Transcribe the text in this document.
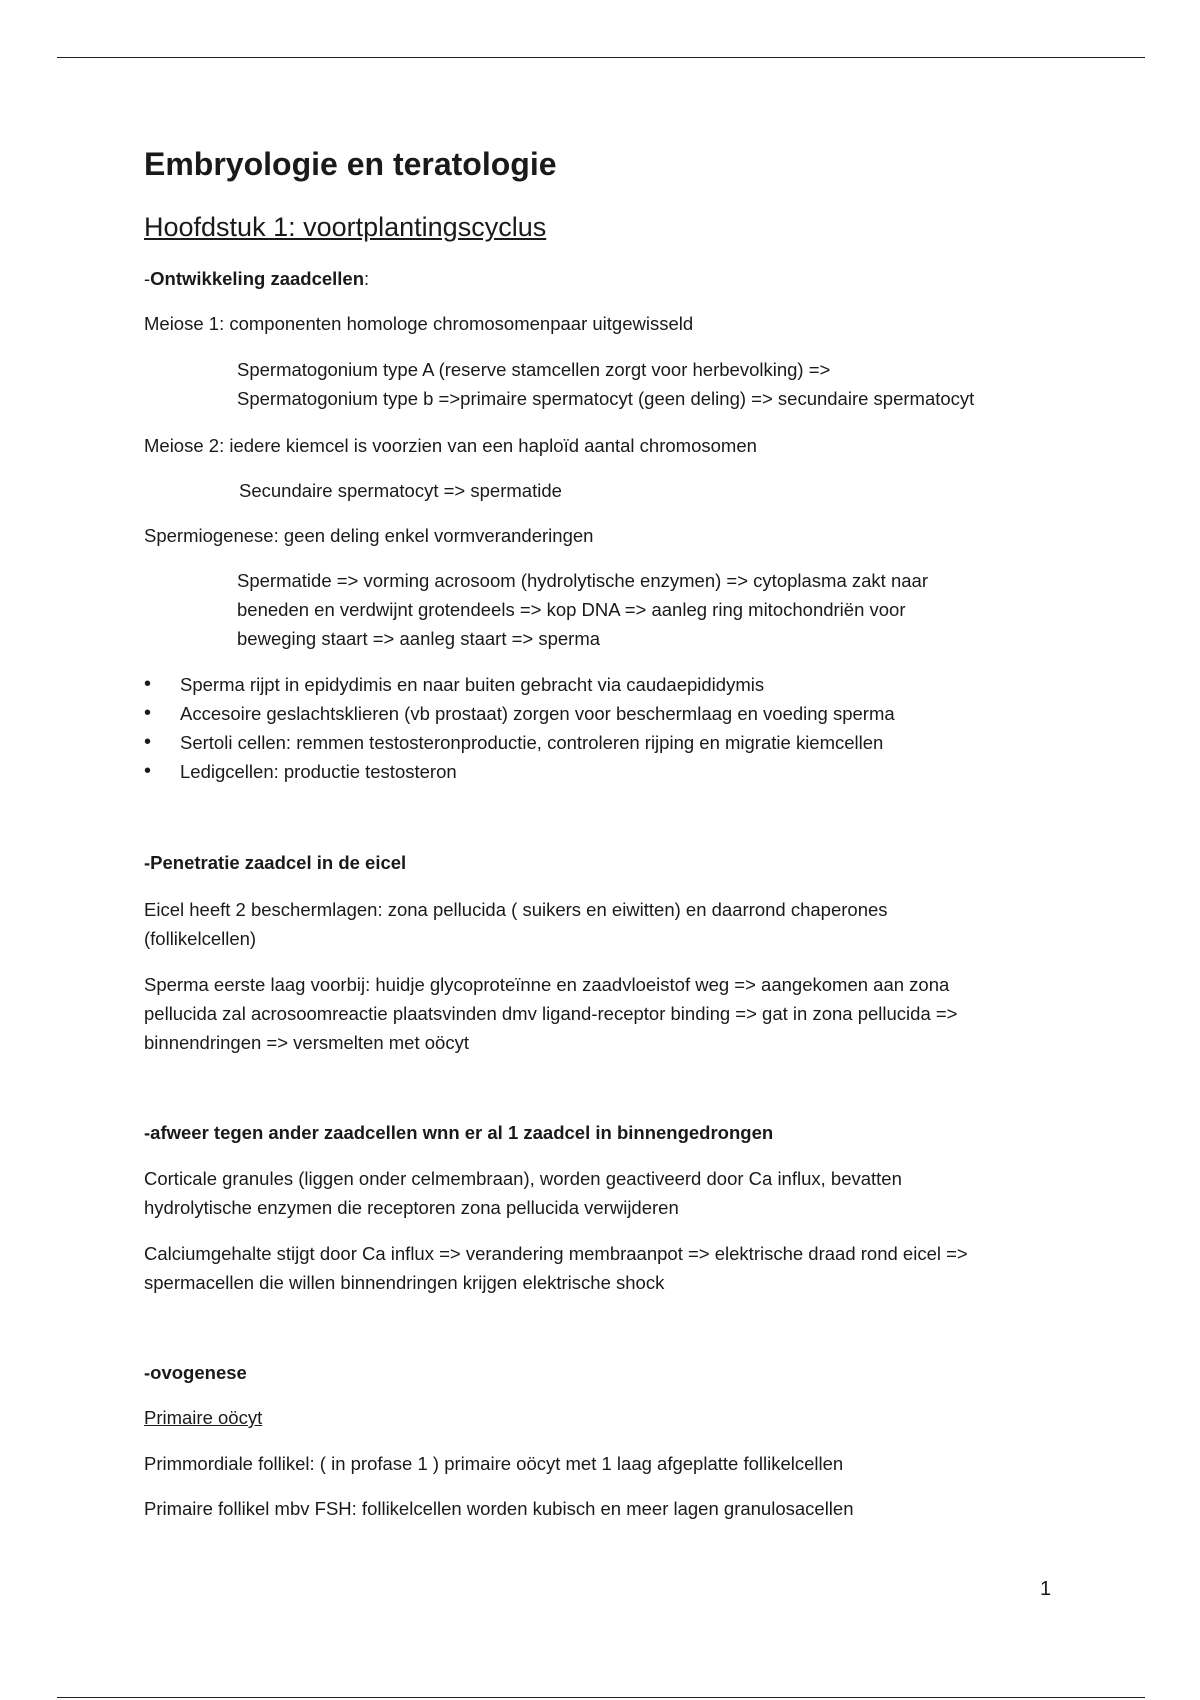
Embryologie en teratologie
Hoofdstuk 1: voortplantingscyclus
-Ontwikkeling zaadcellen:
Meiose 1: componenten homologe chromosomenpaar uitgewisseld

Spermatogonium type A (reserve stamcellen zorgt voor herbevolking) =>

Spermatogonium type b =>primaire spermatocyt (geen deling) => secundaire spermatocyt

Meiose 2: iedere kiemcel is voorzien van een haploïd aantal chromosomen
Secundaire spermatocyt => spermatide
Spermiogenese: geen deling enkel vormveranderingen

Spermatide => vorming acrosoom (hydrolytische enzymen) => cytoplasma zakt naar

beneden en verdwijnt grotendeels => kop DNA => aanleg ring mitochondriën voor

beweging staart => aanleg staart => sperma

• Sperma rijpt in epidydimis en naar buiten gebracht via caudaepididymis
• Accesoire geslachtsklieren (vb prostaat) zorgen voor beschermlaag en voeding sperma
• Sertoli cellen: remmen testosteronproductie, controleren rijping en migratie kiemcellen
• Ledigcellen: productie testosteron
-Penetratie zaadcel in de eicel

Eicel heeft 2 beschermlagen: zona pellucida ( suikers en eiwitten) en daarrond chaperones

(follikelcellen)

Sperma eerste laag voorbij: huidje glycoproteïnne en zaadvloeistof weg => aangekomen aan zona

pellucida zal acrosoomreactie plaatsvinden dmv ligand-receptor binding => gat in zona pellucida =>

binnendringen => versmelten met oöcyt

-afweer tegen ander zaadcellen wnn er al 1 zaadcel in binnengedrongen

Corticale granules (liggen onder celmembraan), worden geactiveerd door Ca influx, bevatten

hydrolytische enzymen die receptoren zona pellucida verwijderen

Calciumgehalte stijgt door Ca influx => verandering membraanpot => elektrische draad rond eicel =>

spermacellen die willen binnendringen krijgen elektrische shock

-ovogenese
Primaire oöcyt
Primmordiale follikel: ( in profase 1 ) primaire oöcyt met 1 laag afgeplatte follikelcellen
Primaire follikel mbv FSH: follikelcellen worden kubisch en meer lagen granulosacellen
1
